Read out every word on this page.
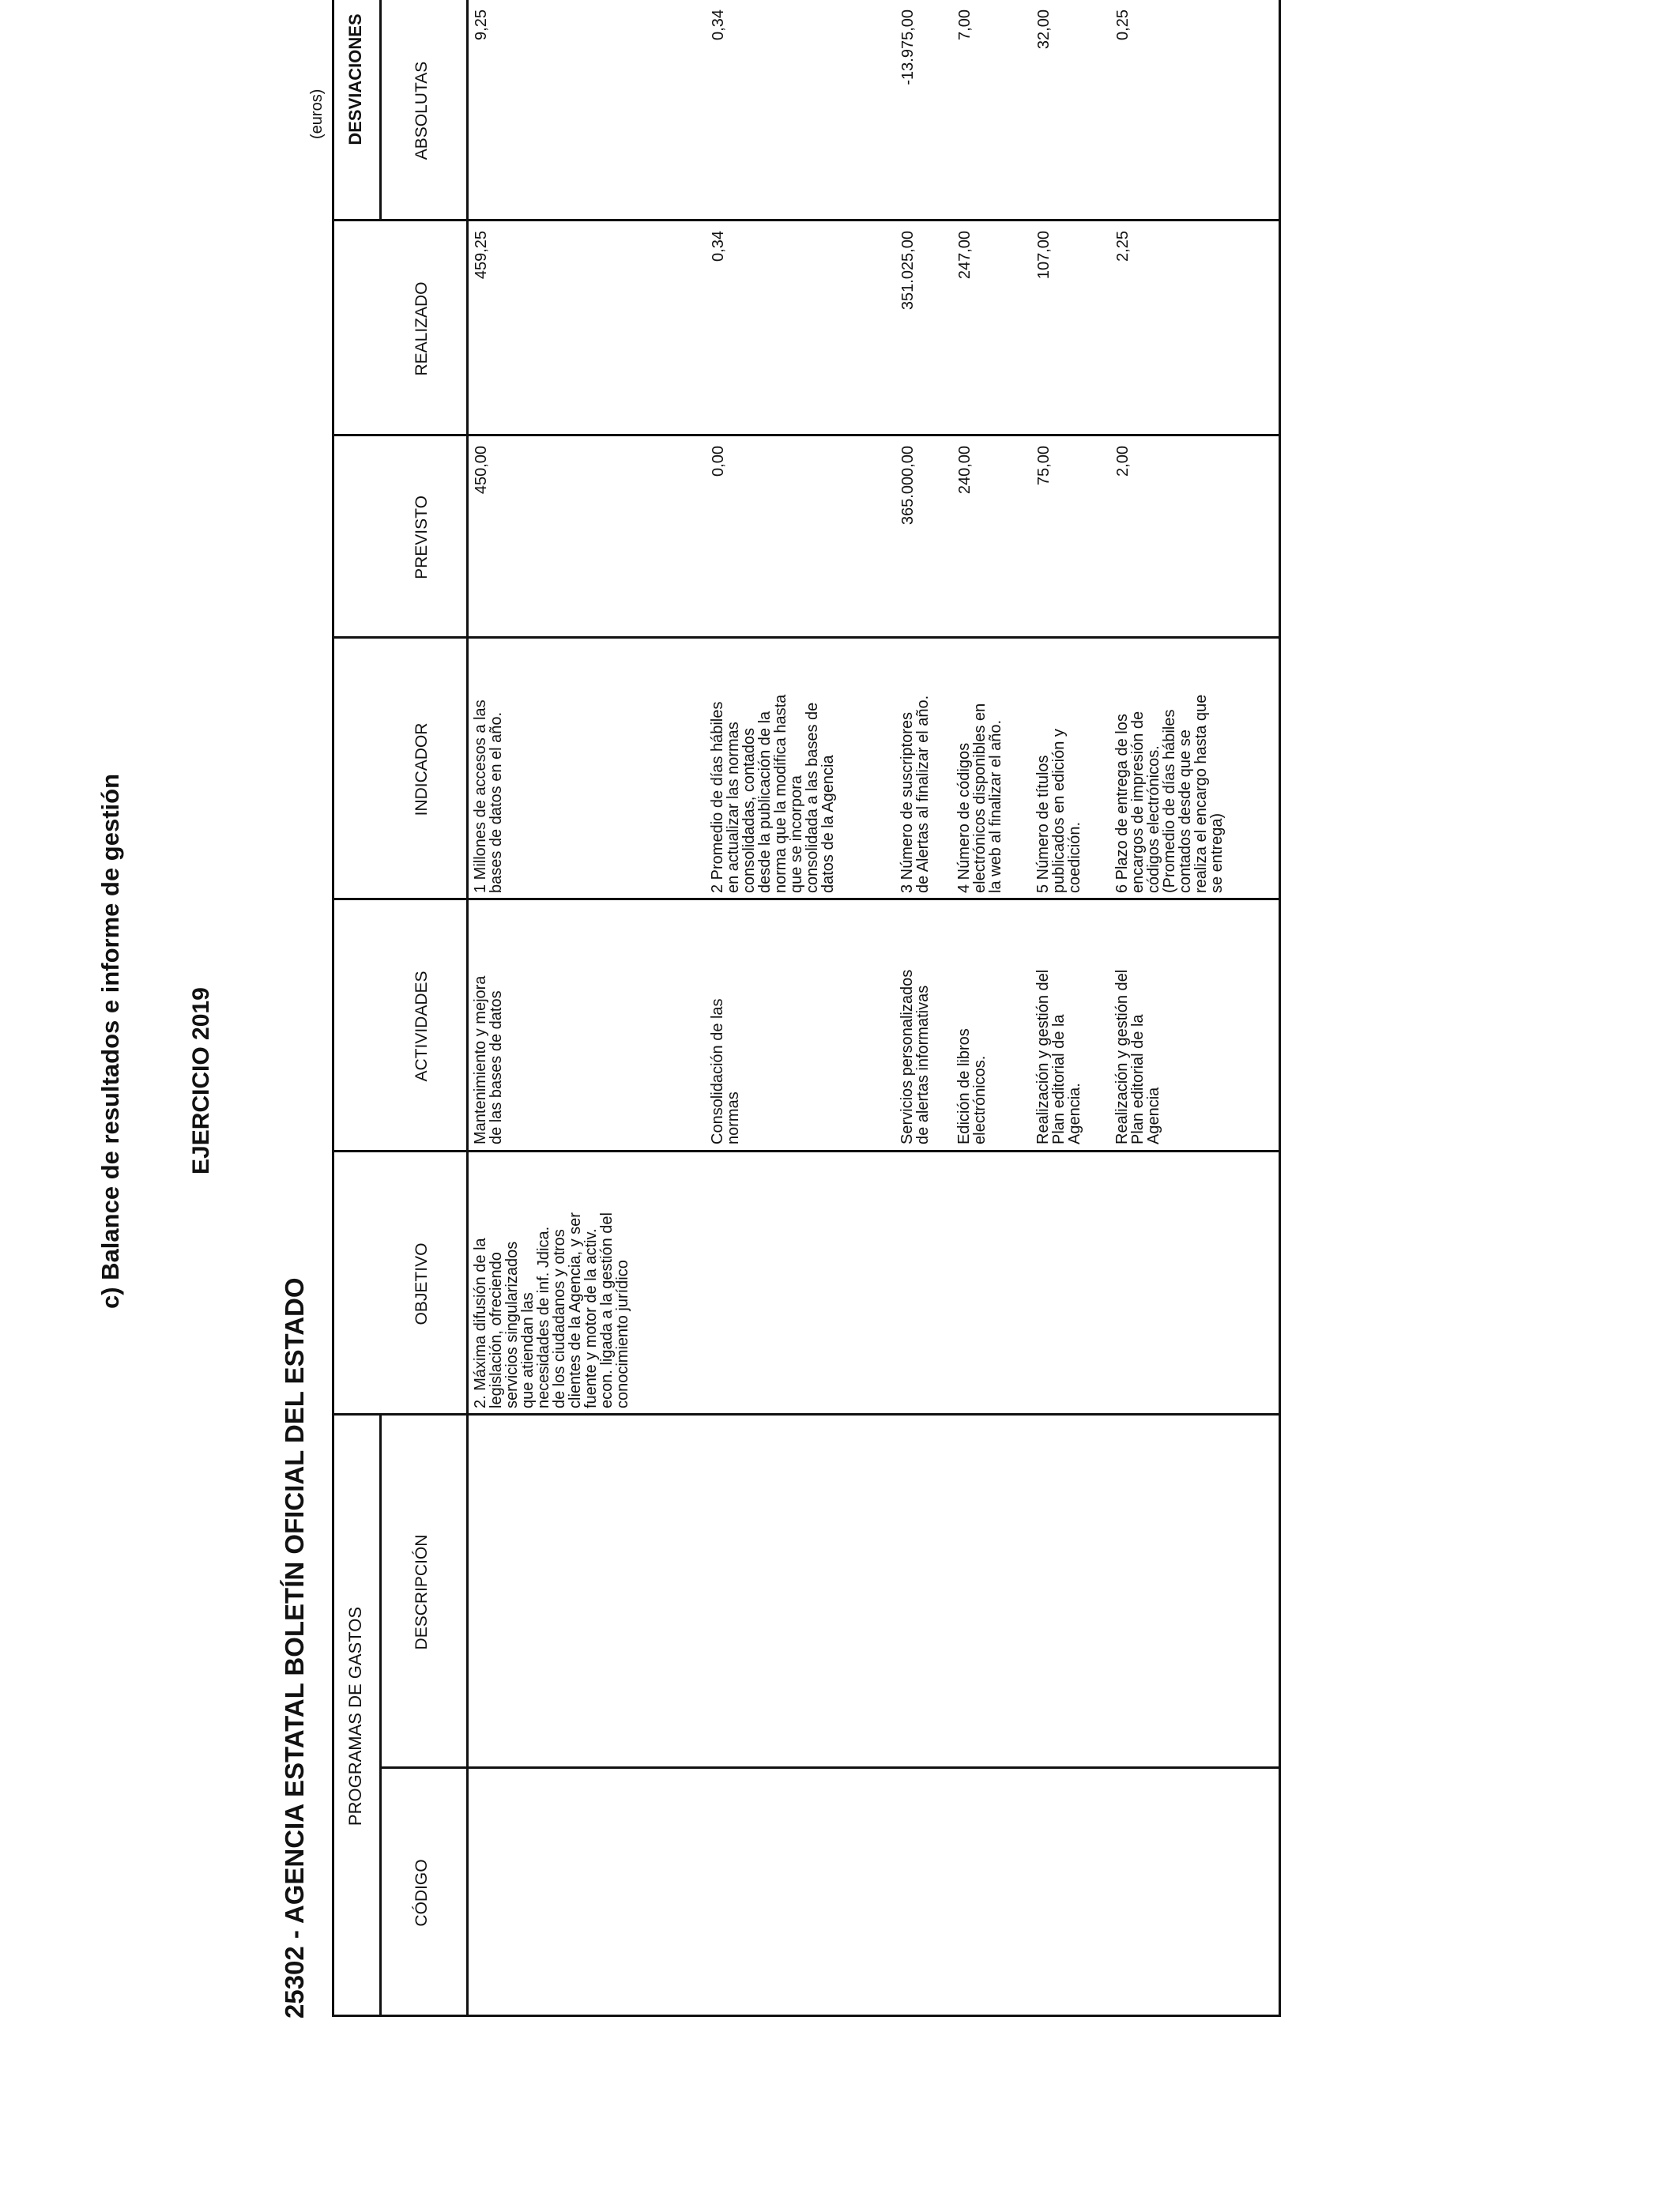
c) Balance de resultados e informe de gestión	EJERCICIO 2019
25302 - AGENCIA ESTATAL BOLETÍN OFICIAL DEL ESTADO
(euros)
PROGRAMAS DE GASTOS
DESVIACIONES
CÓDIGO
DESCRIPCIÓN
OBJETIVO
ACTIVIDADES
INDICADOR
PREVISTO
REALIZADO
ABSOLUTAS
2. Máxima difusión de la
legislación, ofreciendo
servicios singularizados
que atiendan las
necesidades de inf. Jdica.
de los ciudadanos y otros
clientes de la Agencia, y ser
fuente y motor de la activ.
econ. ligada a la gestión del
conocimiento jurídico
Mantenimiento y mejora
de las bases de datos
1 Millones de accesos a las
bases de datos en el año.
450,00
459,25
9,25
Consolidación de las
normas
2 Promedio de días hábiles
en actualizar las normas
consolidadas, contados
desde la publicación de la
norma que la modifica hasta
que se incorpora
consolidada a las bases de
datos de la Agencia
0,00
0,34
0,34
Servicios personalizados
de alertas informativas
3 Número de suscriptores
de Alertas al finalizar el año.
365.000,00
351.025,00
-13.975,00
Edición de libros
electrónicos.
4 Número de códigos
electrónicos disponibles en
la web al finalizar el año.
240,00
247,00
7,00
Realización y gestión del
Plan editorial de la
Agencia.
5 Número de títulos
publicados en edición y
coedición.
75,00
107,00
32,00
Realización y gestión del
Plan editorial de la
Agencia
6 Plazo de entrega de los
encargos de impresión de
códigos electrónicos.
(Promedio de días hábiles
contados desde que se
realiza el encargo hasta que
se entrega)
2,00
2,25
0,25
